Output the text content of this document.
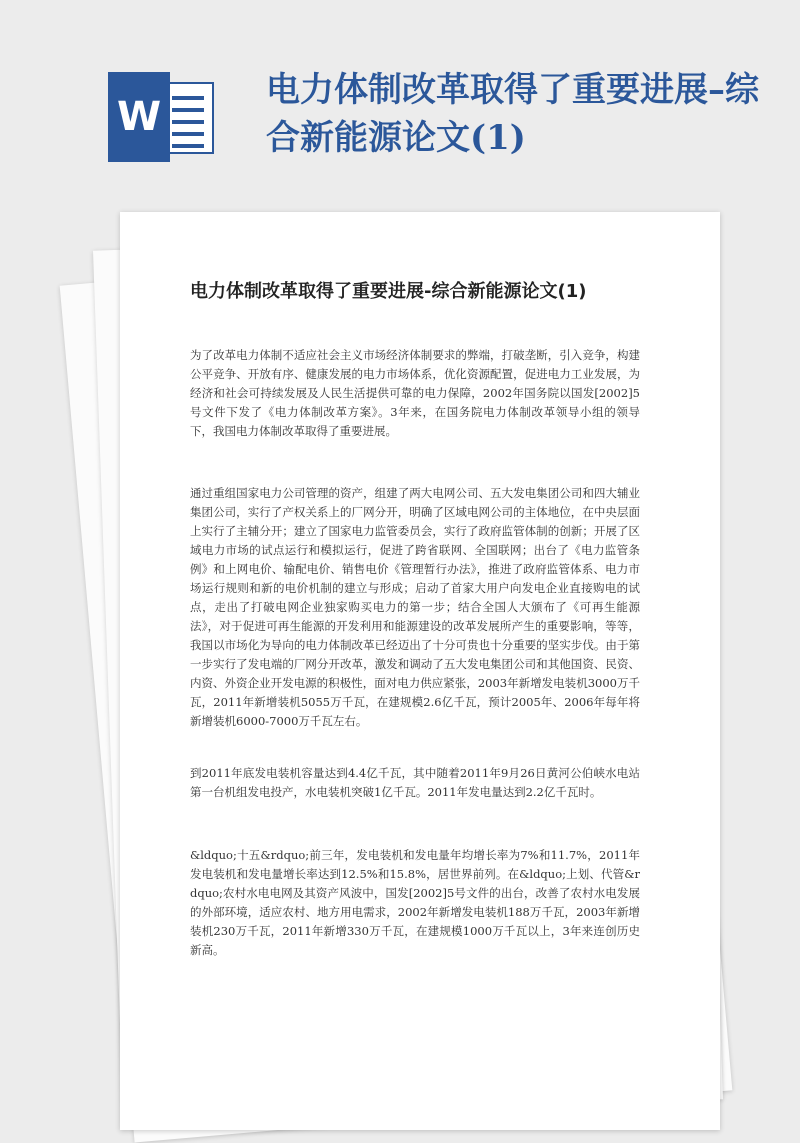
W
电力体制改革取得了重要进展–综合新能源论文(1)
电力体制改革取得了重要进展-综合新能源论文(1)

为了改革电力体制不适应社会主义市场经济体制要求的弊端，打破垄断，引入竞争，构建公平竞争、开放有序、健康发展的电力市场体系，优化资源配置，促进电力工业发展，为经济和社会可持续发展及人民生活提供可靠的电力保障，2002年国务院以国发[2002]5号文件下发了《电力体制改革方案》。3年来，在国务院电力体制改革领导小组的领导下，我国电力体制改革取得了重要进展。

通过重组国家电力公司管理的资产，组建了两大电网公司、五大发电集团公司和四大辅业集团公司，实行了产权关系上的厂网分开，明确了区域电网公司的主体地位，在中央层面上实行了主辅分开；建立了国家电力监管委员会，实行了政府监管体制的创新；开展了区域电力市场的试点运行和模拟运行，促进了跨省联网、全国联网；出台了《电力监管条例》和上网电价、输配电价、销售电价《管理暂行办法》，推进了政府监管体系、电力市场运行规则和新的电价机制的建立与形成；启动了首家大用户向发电企业直接购电的试点，走出了打破电网企业独家购买电力的第一步；结合全国人大颁布了《可再生能源法》，对于促进可再生能源的开发利用和能源建设的改革发展所产生的重要影响，等等，我国以市场化为导向的电力体制改革已经迈出了十分可贵也十分重要的坚实步伐。由于第一步实行了发电端的厂网分开改革，激发和调动了五大发电集团公司和其他国资、民资、内资、外资企业开发电源的积极性，面对电力供应紧张，2003年新增发电装机3000万千瓦，2011年新增装机5055万千瓦，在建规模2.6亿千瓦，预计2005年、2006年每年将新增装机6000-7000万千瓦左右。

到2011年底发电装机容量达到4.4亿千瓦，其中随着2011年9月26日黄河公伯峡水电站第一台机组发电投产，水电装机突破1亿千瓦。2011年发电量达到2.2亿千瓦时。

&ldquo;十五&rdquo;前三年，发电装机和发电量年均增长率为7%和11.7%，2011年发电装机和发电量增长率达到12.5%和15.8%，居世界前列。在&ldquo;上划、代管&rdquo;农村水电电网及其资产风波中，国发[2002]5号文件的出台，改善了农村水电发展的外部环境，适应农村、地方用电需求，2002年新增发电装机188万千瓦，2003年新增装机230万千瓦，2011年新增330万千瓦，在建规模1000万千瓦以上，3年来连创历史新高。
